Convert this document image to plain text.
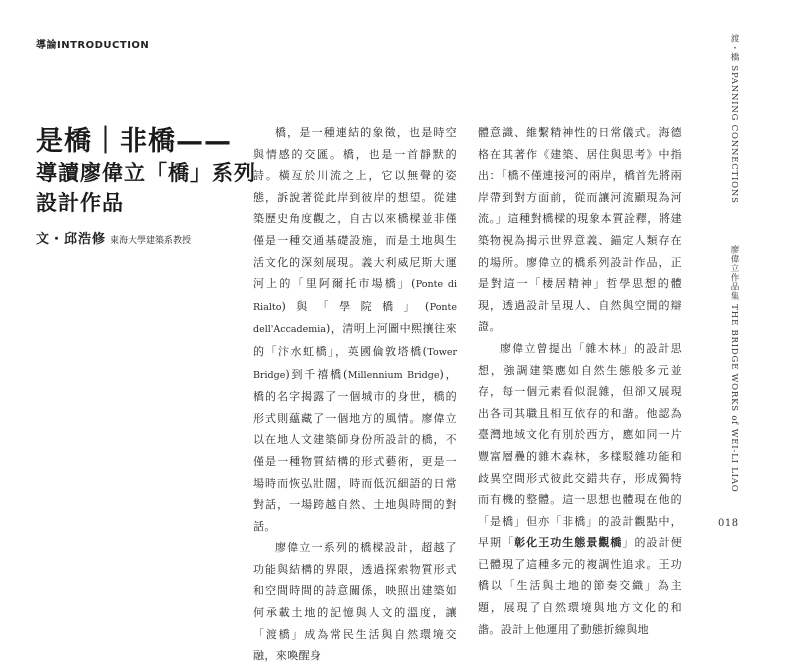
導論INTRODUCTION
是橋｜非橋——
導讀廖偉立「橋」系列
設計作品
文・邱浩修 東海大學建築系教授

橋，是一種連結的象徵，也是時空與情感的交匯。橋，也是一首靜默的詩。橫亙於川流之上，它以無聲的姿態，訴說著從此岸到彼岸的想望。從建築歷史角度觀之，自古以來橋樑並非僅僅是一種交通基礎設施，而是土地與生活文化的深刻展現。義大利威尼斯大運河上的「里阿爾托市場橋」(Ponte di Rialto)與「學院橋」(Ponte dell'Accademia)，清明上河圖中熙攘往來的「汴水虹橋」，英國倫敦塔橋(Tower Bridge)到千禧橋(Millennium Bridge)，橋的名字揭露了一個城市的身世，橋的形式則蘊藏了一個地方的風情。廖偉立以在地人文建築師身份所設計的橋，不僅是一種物質結構的形式藝術，更是一場時而恢弘壯闊，時而低沉細語的日常對話，一場跨越自然、土地與時間的對話。

廖偉立一系列的橋樑設計，超越了功能與結構的界限，透過探索物質形式和空間時間的詩意關係，映照出建築如何承載土地的記憶與人文的溫度，讓「渡橋」成為常民生活與自然環境交融，來喚醒身

體意識、維繫精神性的日常儀式。海德格在其著作《建築、居住與思考》中指出：「橋不僅連接河的兩岸，橋首先將兩岸帶到對方面前，從而讓河流顯現為河流。」這種對橋樑的現象本質詮釋，將建築物視為揭示世界意義、錨定人類存在的場所。廖偉立的橋系列設計作品，正是對這一「棲居精神」哲學思想的體現，透過設計呈現人、自然與空間的辯證。

廖偉立曾提出「雜木林」的設計思想，強調建築應如自然生態般多元並存，每一個元素看似混雜，但卻又展現出各司其職且相互依存的和諧。他認為臺灣地域文化有別於西方，應如同一片豐富層疊的雜木森林，多樣駁雜功能和歧異空間形式彼此交錯共存，形成獨特而有機的整體。這一思想也體現在他的「是橋」但亦「非橋」的設計觀點中，早期「彰化王功生態景觀橋」的設計便已體現了這種多元的複調性追求。王功橋以「生活與土地的節奏交織」為主題，展現了自然環境與地方文化的和諧。設計上他運用了動態折線與地

渡・橋 SPANNING CONNECTIONS
廖偉立作品集 THE BRIDGE WORKS of WEI-LI LIAO
018
